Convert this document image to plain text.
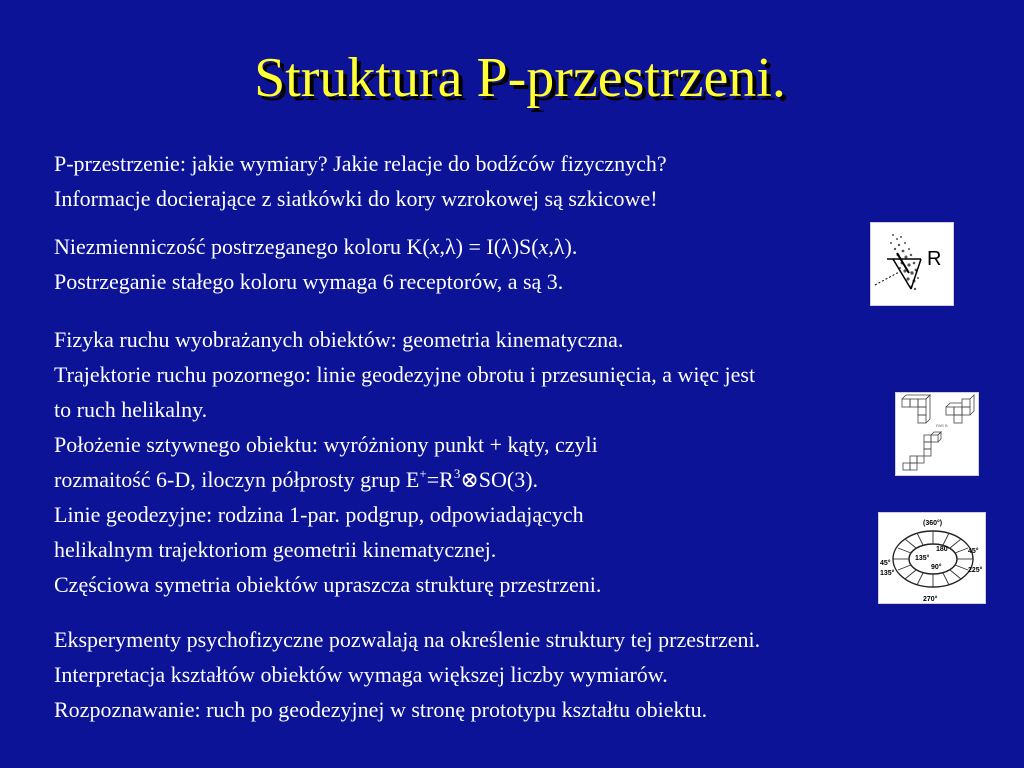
Struktura P-przestrzeni.
P-przestrzenie: jakie wymiary? Jakie relacje do bodźców fizycznych?
Informacje docierające z siatkówki do kory wzrokowej są szkicowe!
Niezmienniczość postrzeganego koloru K(x,λ) = I(λ)S(x,λ).
Postrzeganie stałego koloru wymaga 6 receptorów, a są 3.
Fizyka ruchu wyobrażanych obiektów: geometria kinematyczna.
Trajektorie ruchu pozornego: linie geodezyjne obrotu i przesunięcia, a więc jest
to ruch helikalny.
Położenie sztywnego obiektu: wyróżniony punkt + kąty, czyli
rozmaitość 6-D, iloczyn półprosty grup $E^+=R^3\otimes SO(3)$.
Linie geodezyjne: rodzina 1-par. podgrup, odpowiadających
helikalnym trajektoriom geometrii kinematycznej.
Częściowa symetria obiektów upraszcza strukturę przestrzeni.
Eksperymenty psychofizyczne pozwalają na określenie struktury tej przestrzeni.
Interpretacja kształtów obiektów wymaga większej liczby wymiarów.
Rozpoznawanie: ruch po geodezyjnej w stronę prototypu kształtu obiektu.
R
PAR B
(360°)
180
135°
90°
45°
225°
270°
45°
135°
